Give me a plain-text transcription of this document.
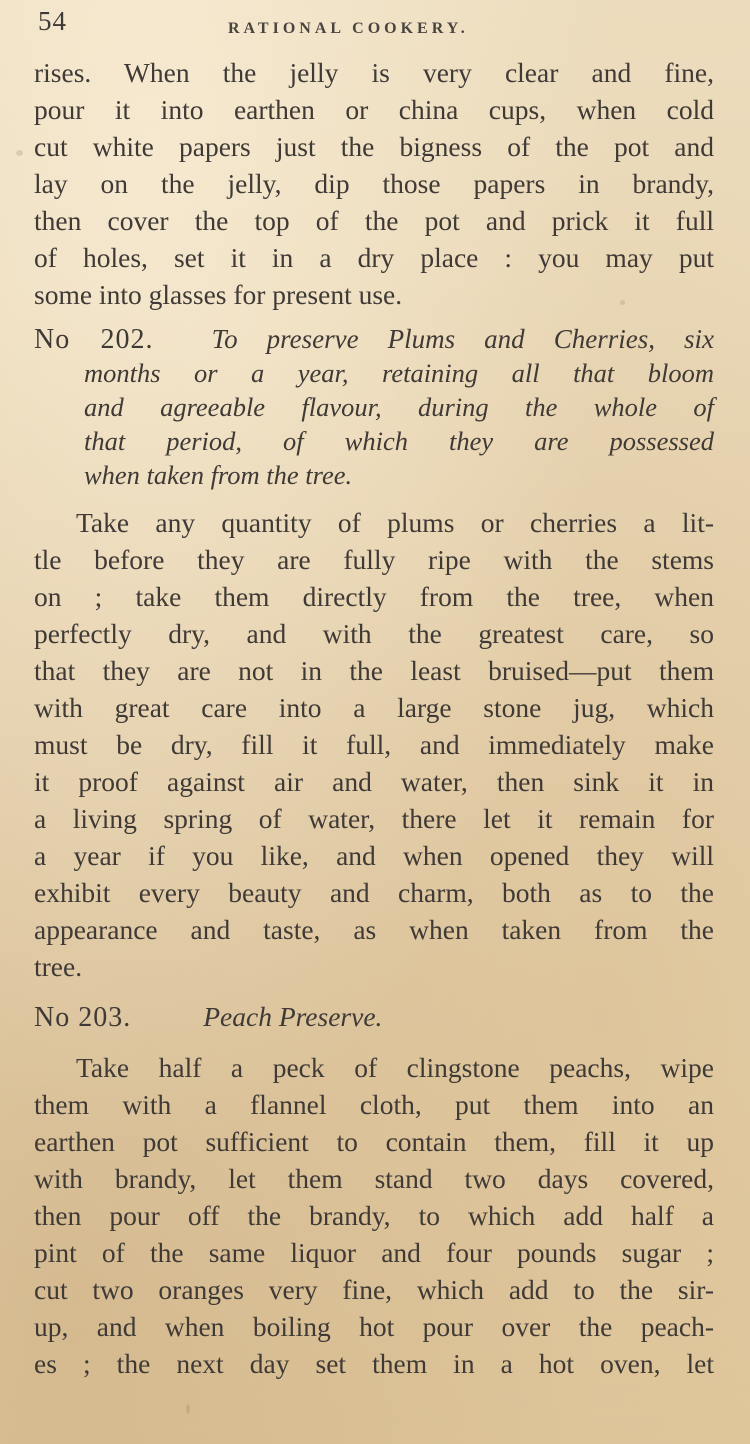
54	RATIONAL COOKERY.
rises. When the jelly is very clear and fine,
pour it into earthen or china cups, when cold
cut white papers just the bigness of the pot and
lay on the jelly, dip those papers in brandy,
then cover the top of the pot and prick it full
of holes, set it in a dry place : you may put
some into glasses for present use.
No 202. To preserve Plums and Cherries, six
months or a year, retaining all that bloom
and agreeable flavour, during the whole of
that period, of which they are possessed
when taken from the tree.
Take any quantity of plums or cherries a lit-
tle before they are fully ripe with the stems
on ; take them directly from the tree, when
perfectly dry, and with the greatest care, so
that they are not in the least bruised—put them
with great care into a large stone jug, which
must be dry, fill it full, and immediately make
it proof against air and water, then sink it in
a living spring of water, there let it remain for
a year if you like, and when opened they will
exhibit every beauty and charm, both as to the
appearance and taste, as when taken from the
tree.
No 203.	Peach Preserve.
Take half a peck of clingstone peachs, wipe
them with a flannel cloth, put them into an
earthen pot sufficient to contain them, fill it up
with brandy, let them stand two days covered,
then pour off the brandy, to which add half a
pint of the same liquor and four pounds sugar ;
cut two oranges very fine, which add to the sir-
up, and when boiling hot pour over the peach-
es ; the next day set them in a hot oven, let
